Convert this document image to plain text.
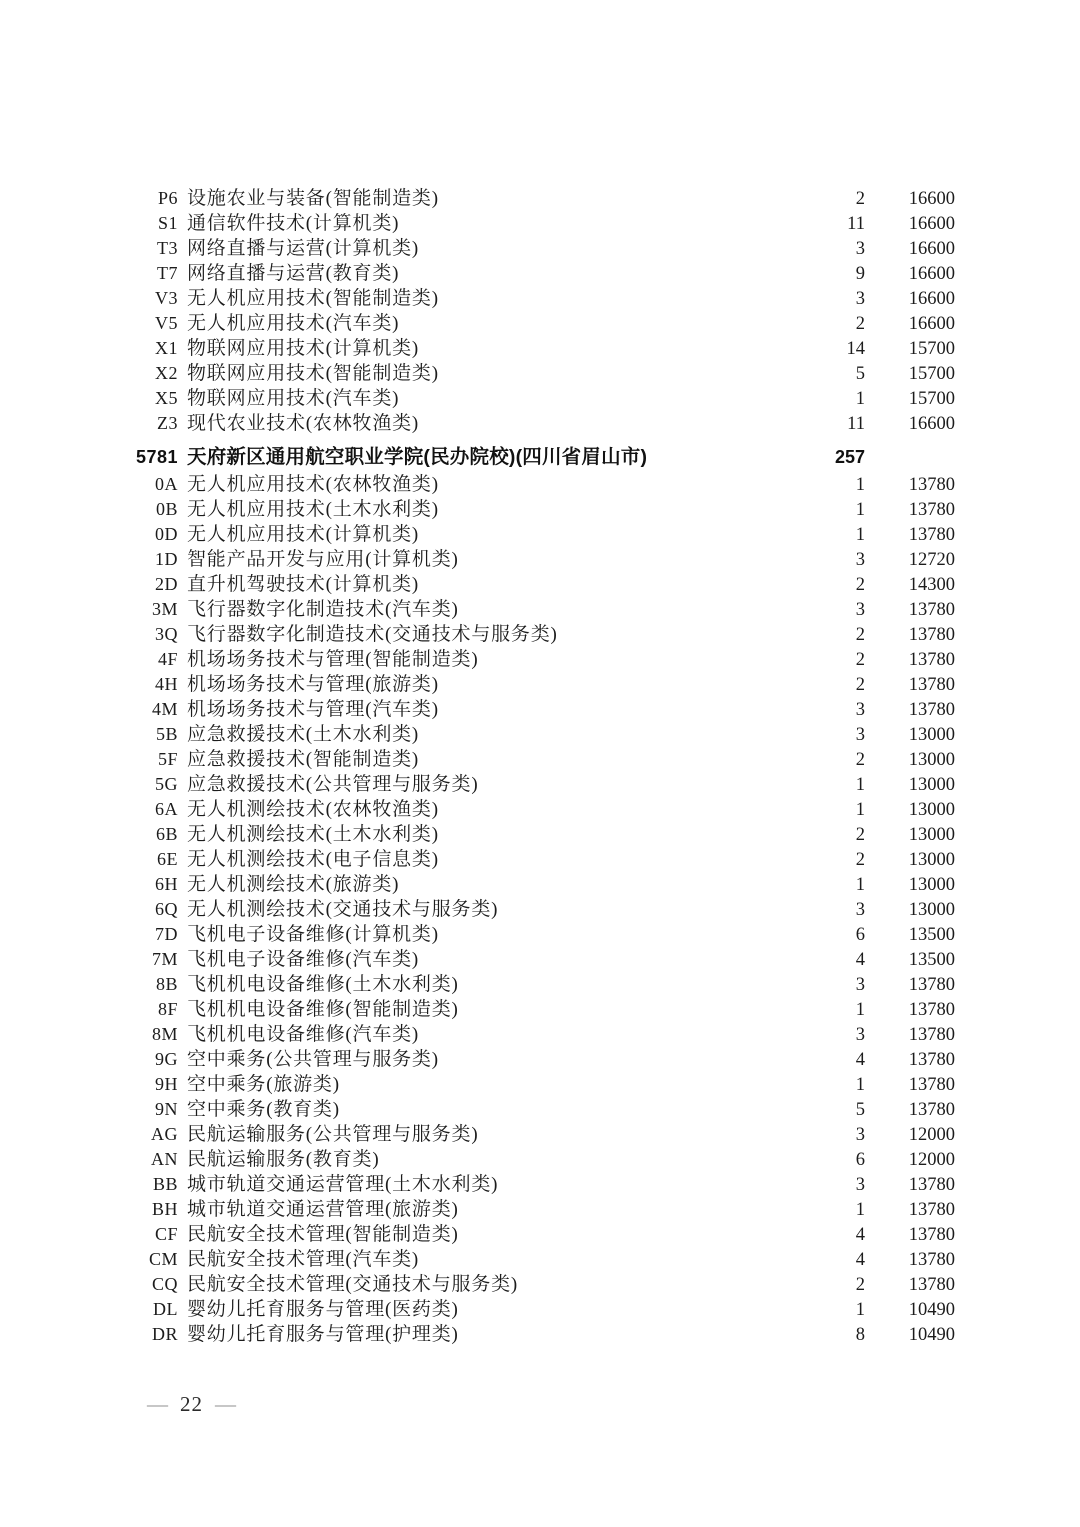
P6 设施农业与装备(智能制造类)	2	16600
S1 通信软件技术(计算机类)	11	16600
T3 网络直播与运营(计算机类)	3	16600
T7 网络直播与运营(教育类)	9	16600
V3 无人机应用技术(智能制造类)	3	16600
V5 无人机应用技术(汽车类)	2	16600
X1 物联网应用技术(计算机类)	14	15700
X2 物联网应用技术(智能制造类)	5	15700
X5 物联网应用技术(汽车类)	1	15700
Z3 现代农业技术(农林牧渔类)	11	16600
5781 天府新区通用航空职业学院(民办院校)(四川省眉山市)	257
0A 无人机应用技术(农林牧渔类)	1	13780
0B 无人机应用技术(土木水利类)	1	13780
0D 无人机应用技术(计算机类)	1	13780
1D 智能产品开发与应用(计算机类)	3	12720
2D 直升机驾驶技术(计算机类)	2	14300
3M 飞行器数字化制造技术(汽车类)	3	13780
3Q 飞行器数字化制造技术(交通技术与服务类)	2	13780
4F 机场场务技术与管理(智能制造类)	2	13780
4H 机场场务技术与管理(旅游类)	2	13780
4M 机场场务技术与管理(汽车类)	3	13780
5B 应急救援技术(土木水利类)	3	13000
5F 应急救援技术(智能制造类)	2	13000
5G 应急救援技术(公共管理与服务类)	1	13000
6A 无人机测绘技术(农林牧渔类)	1	13000
6B 无人机测绘技术(土木水利类)	2	13000
6E 无人机测绘技术(电子信息类)	2	13000
6H 无人机测绘技术(旅游类)	1	13000
6Q 无人机测绘技术(交通技术与服务类)	3	13000
7D 飞机电子设备维修(计算机类)	6	13500
7M 飞机电子设备维修(汽车类)	4	13500
8B 飞机机电设备维修(土木水利类)	3	13780
8F 飞机机电设备维修(智能制造类)	1	13780
8M 飞机机电设备维修(汽车类)	3	13780
9G 空中乘务(公共管理与服务类)	4	13780
9H 空中乘务(旅游类)	1	13780
9N 空中乘务(教育类)	5	13780
AG 民航运输服务(公共管理与服务类)	3	12000
AN 民航运输服务(教育类)	6	12000
BB 城市轨道交通运营管理(土木水利类)	3	13780
BH 城市轨道交通运营管理(旅游类)	1	13780
CF 民航安全技术管理(智能制造类)	4	13780
CM 民航安全技术管理(汽车类)	4	13780
CQ 民航安全技术管理(交通技术与服务类)	2	13780
DL 婴幼儿托育服务与管理(医药类)	1	10490
DR 婴幼儿托育服务与管理(护理类)	8	10490
— 22 —
